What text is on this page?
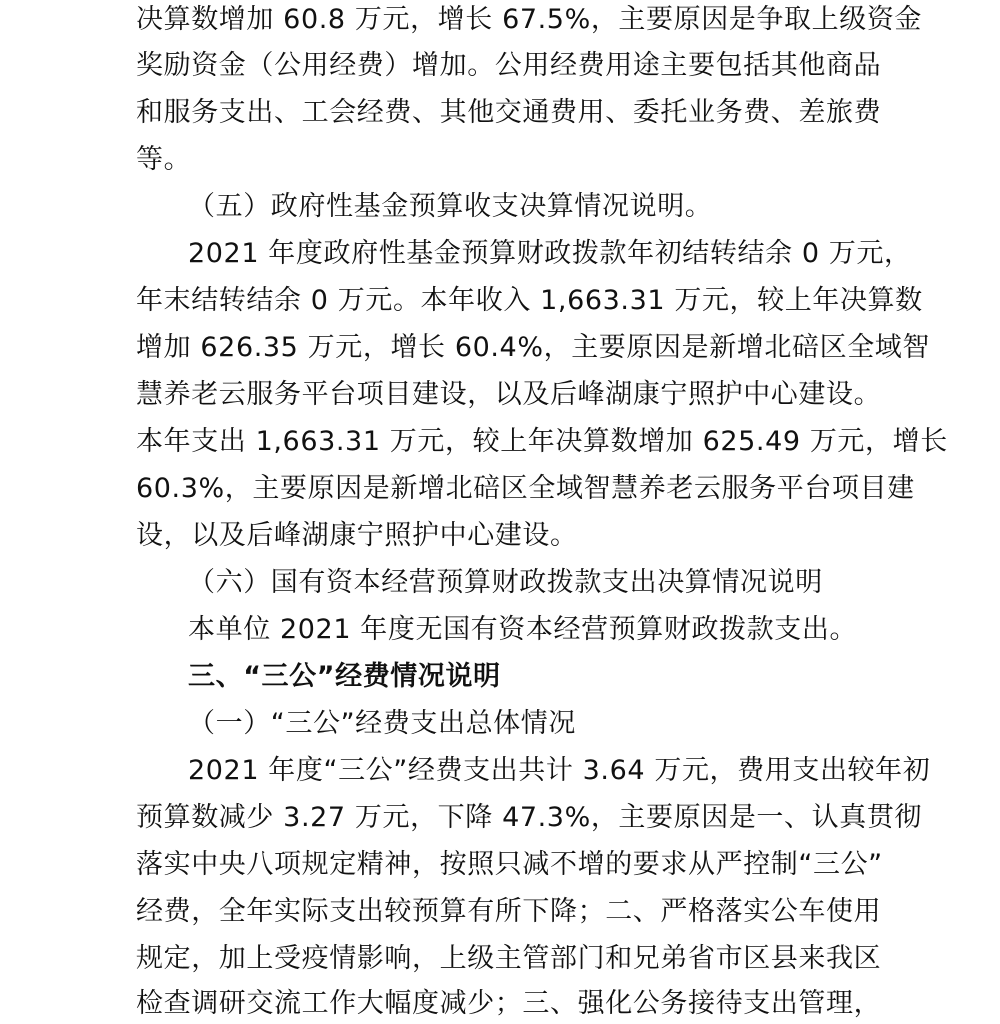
决算数增加 60.8 万元，增长 67.5%，主要原因是争取上级资金
奖励资金（公用经费）增加。公用经费用途主要包括其他商品
和服务支出、工会经费、其他交通费用、委托业务费、差旅费
等。
（五）政府性基金预算收支决算情况说明。
2021 年度政府性基金预算财政拨款年初结转结余 0 万元，
年末结转结余 0 万元。本年收入 1,663.31 万元，较上年决算数
增加 626.35 万元，增长 60.4%，主要原因是新增北碚区全域智
慧养老云服务平台项目建设，以及后峰湖康宁照护中心建设。
本年支出 1,663.31 万元，较上年决算数增加 625.49 万元，增长
60.3%，主要原因是新增北碚区全域智慧养老云服务平台项目建
设，以及后峰湖康宁照护中心建设。
（六）国有资本经营预算财政拨款支出决算情况说明
本单位 2021 年度无国有资本经营预算财政拨款支出。
三、“三公”经费情况说明
（一）“三公”经费支出总体情况
2021 年度“三公”经费支出共计 3.64 万元，费用支出较年初
预算数减少 3.27 万元，下降 47.3%，主要原因是一、认真贯彻
落实中央八项规定精神，按照只减不增的要求从严控制“三公”
经费，全年实际支出较预算有所下降；二、严格落实公车使用
规定，加上受疫情影响，上级主管部门和兄弟省市区县来我区
检查调研交流工作大幅度减少；三、强化公务接待支出管理，
